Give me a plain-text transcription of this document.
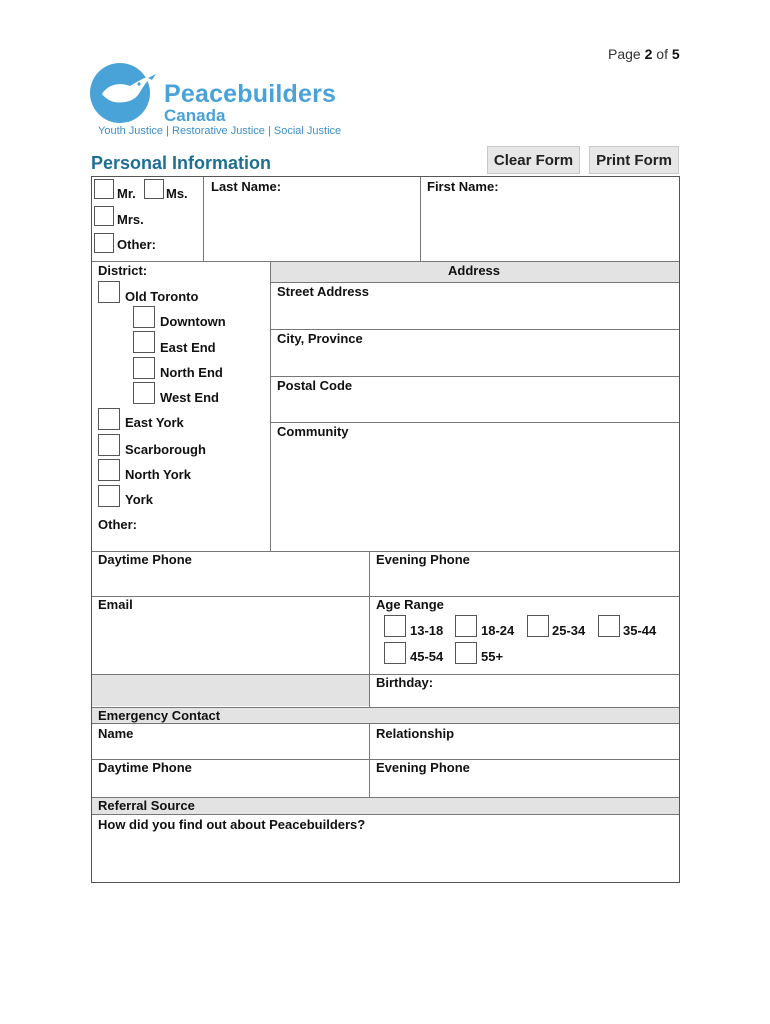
Page 2 of 5
Peacebuilders
Canada
Youth Justice | Restorative Justice | Social Justice
Personal Information	Clear Form	Print Form
Mr. Ms.
Mrs.
Other:
Last Name:	First Name:
District:
Old Toronto
Downtown
East End
North End
West End
East York
Scarborough
North York
York
Other:
Address
Street Address
City, Province
Postal Code
Community
Daytime Phone	Evening Phone
Email	Age Range
13-18	18-24	25-34	35-44
45-54	55+
Birthday:
Emergency Contact
Name	Relationship
Daytime Phone	Evening Phone
Referral Source
How did you find out about Peacebuilders?
